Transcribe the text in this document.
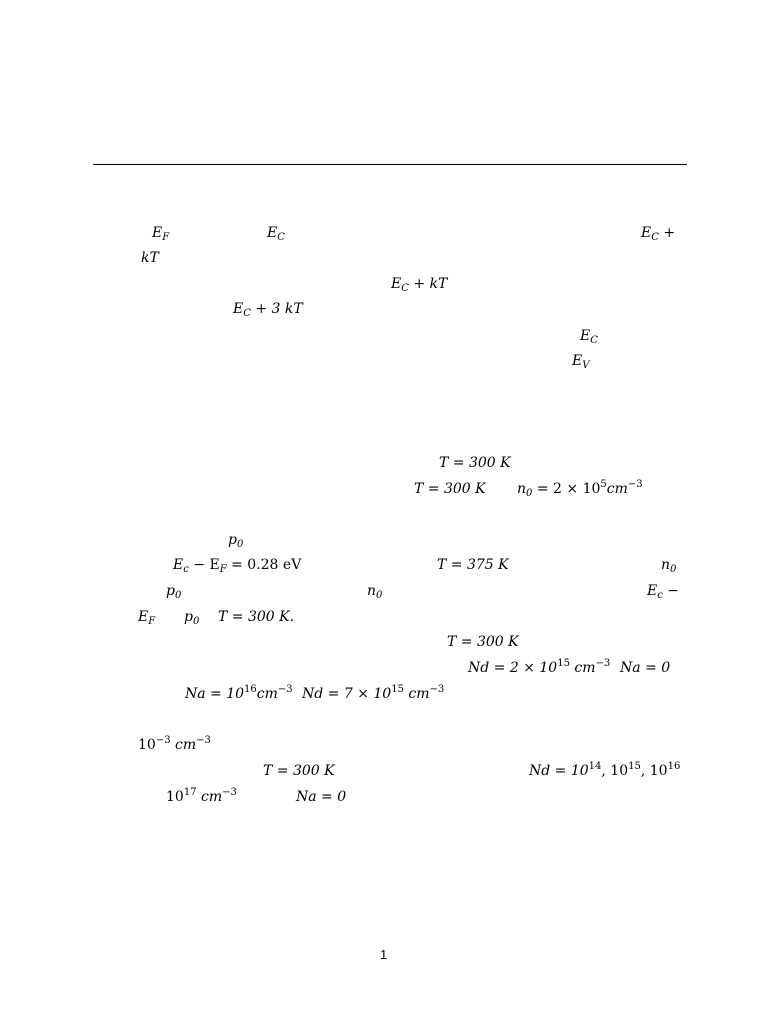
$E_F$	$E_C$	$E_C$ +
kT
$E_C$ + kT
$E_C + 3$ kT
$E_C$
$E_V$
T = 300 K
T = 300 K $n_0 = 2 \times 10^5cm^{-3}$
$p_0$
$E_c - E_F = 0.28$ eV	T = 375 K	$n_0$
$p_0$	$n_0$	$E_c$ −
$E_F$ $p_0$ T = 300 K.
T = 300 K
$Nd = 2 \times 10^{15}$ $cm^{-3}$ Na = 0
$Na = 10^{16}cm^{-3}$ $Nd = 7 \times 10^{15}$ $cm^{-3}$
$10^{-3}$ $cm^{-3}$
T = 300 K	$Nd = 10^{14}$, $10^{15}$, $10^{16}$
$10^{17}$ $cm^{-3}$	Na = 0
1
